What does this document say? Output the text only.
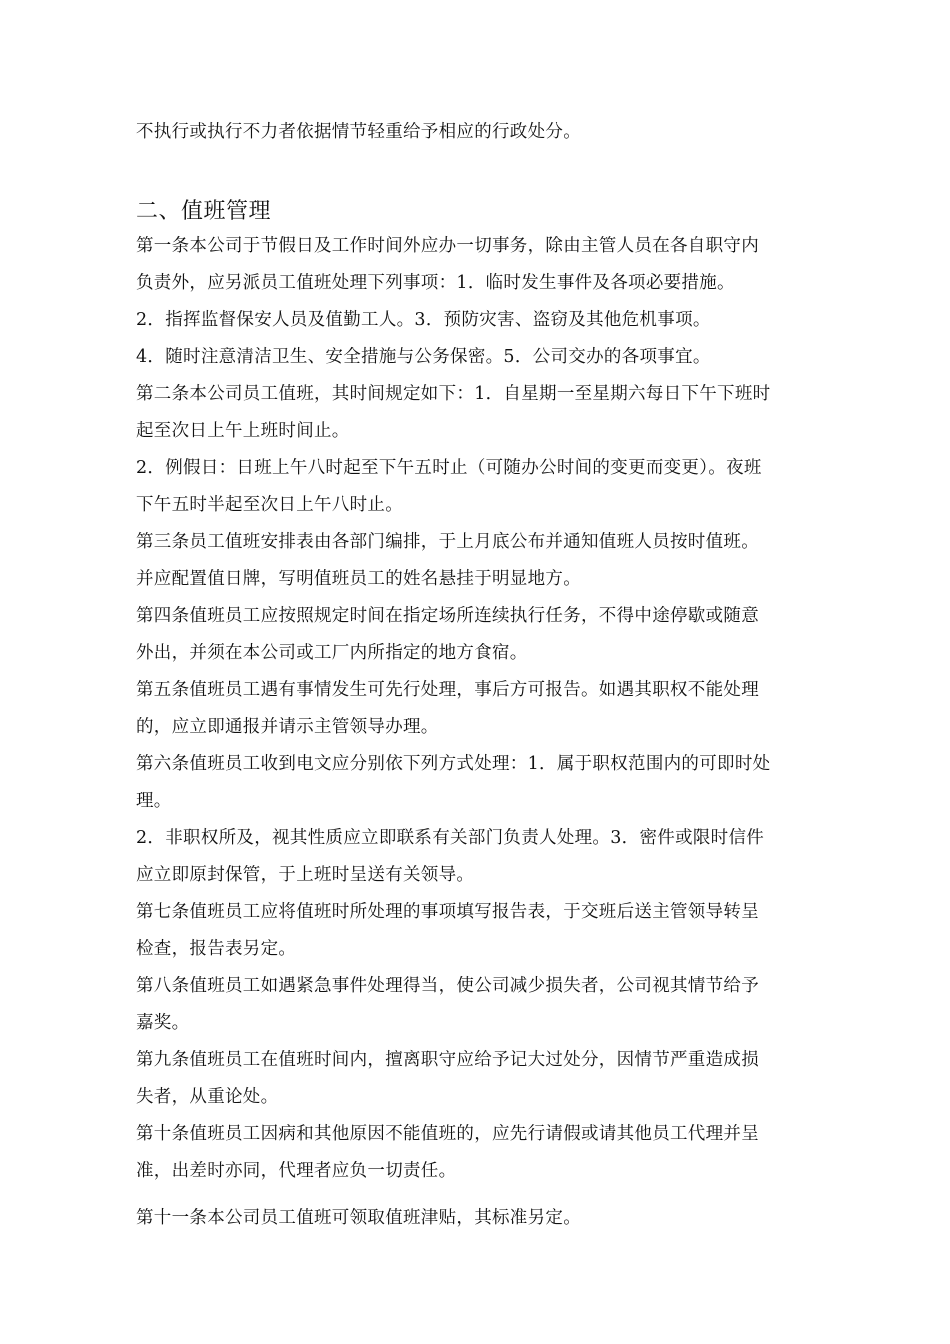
不执行或执行不力者依据情节轻重给予相应的行政处分。
二、值班管理
第一条本公司于节假日及工作时间外应办一切事务，除由主管人员在各自职守内
负责外，应另派员工值班处理下列事项：1．临时发生事件及各项必要措施。
2．指挥监督保安人员及值勤工人。3．预防灾害、盗窃及其他危机事项。
4．随时注意清洁卫生、安全措施与公务保密。5．公司交办的各项事宜。
第二条本公司员工值班，其时间规定如下：1．自星期一至星期六每日下午下班时
起至次日上午上班时间止。
2．例假日：日班上午八时起至下午五时止（可随办公时间的变更而变更）。夜班
下午五时半起至次日上午八时止。
第三条员工值班安排表由各部门编排，于上月底公布并通知值班人员按时值班。
并应配置值日牌，写明值班员工的姓名悬挂于明显地方。
第四条值班员工应按照规定时间在指定场所连续执行任务，不得中途停歇或随意
外出，并须在本公司或工厂内所指定的地方食宿。
第五条值班员工遇有事情发生可先行处理，事后方可报告。如遇其职权不能处理
的，应立即通报并请示主管领导办理。
第六条值班员工收到电文应分别依下列方式处理：1．属于职权范围内的可即时处
理。
2．非职权所及，视其性质应立即联系有关部门负责人处理。3．密件或限时信件
应立即原封保管，于上班时呈送有关领导。
第七条值班员工应将值班时所处理的事项填写报告表，于交班后送主管领导转呈
检查，报告表另定。
第八条值班员工如遇紧急事件处理得当，使公司减少损失者，公司视其情节给予
嘉奖。
第九条值班员工在值班时间内，擅离职守应给予记大过处分，因情节严重造成损
失者，从重论处。
第十条值班员工因病和其他原因不能值班的，应先行请假或请其他员工代理并呈
准，出差时亦同，代理者应负一切责任。
第十一条本公司员工值班可领取值班津贴，其标准另定。
